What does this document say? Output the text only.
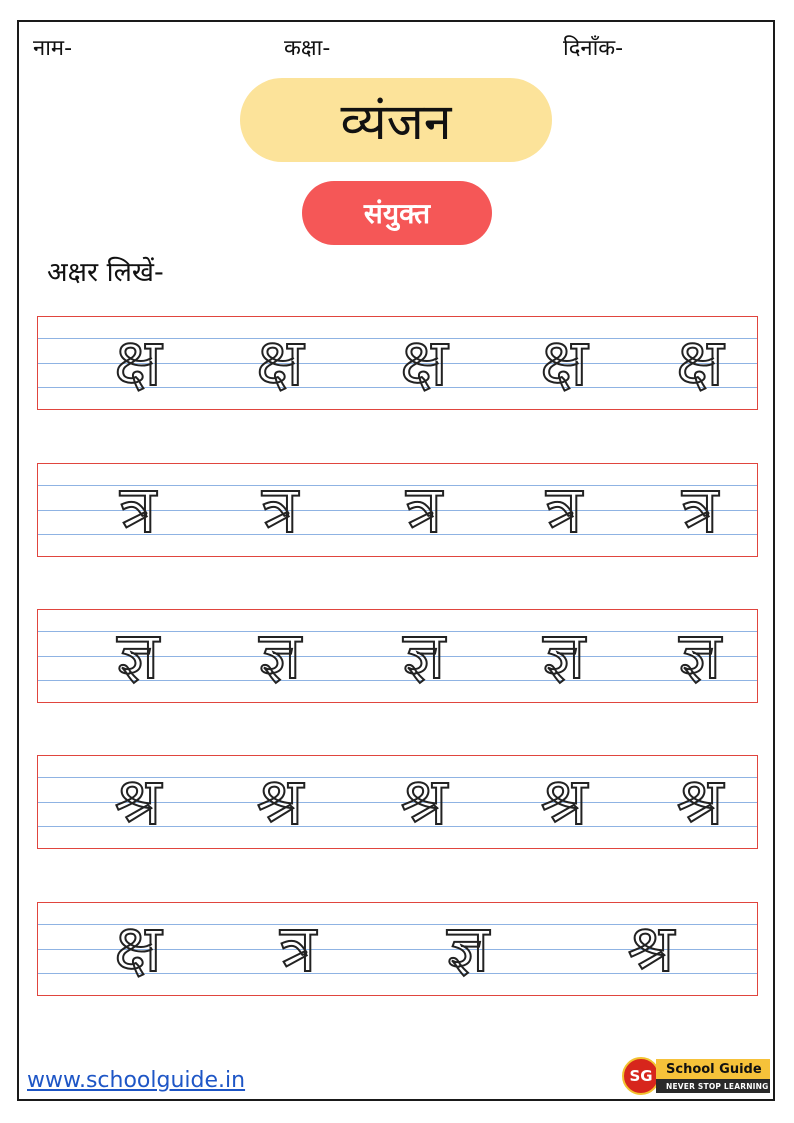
नाम-	कक्षा-	दिनाँक-
व्यंजन
संयुक्त
अक्षर लिखें-
क्ष क्ष क्ष क्ष क्ष
त्र त्र त्र त्र त्र
ज्ञ ज्ञ ज्ञ ज्ञ ज्ञ
श्र श्र श्र श्र श्र
क्ष त्र ज्ञ श्र
www.schoolguide.in	SG	School Guide
NEVER STOP LEARNING
